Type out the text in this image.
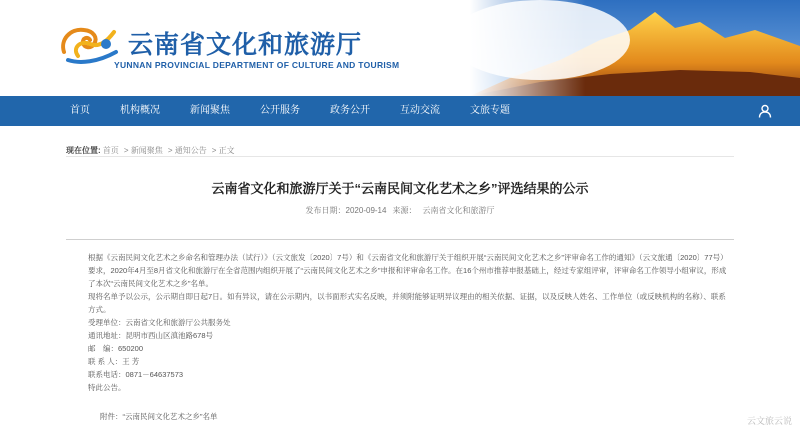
云南省文化和旅游厅
YUNNAN PROVINCIAL DEPARTMENT OF CULTURE AND TOURISM
首页	机构概况	新闻聚焦	公开服务	政务公开	互动交流	文旅专题
现在位置: 首页 > 新闻聚焦 > 通知公告 > 正文
云南省文化和旅游厅关于“云南民间文化艺术之乡”评选结果的公示
发布日期：2020-09-14 来源： 云南省文化和旅游厅

根据《云南民间文化艺术之乡命名和管理办法（试行）》（云文旅发〔2020〕7号）和《云南省文化和旅游厅关于组织开展“云南民间文化艺术之乡”评审命名工作的通知》（云文旅通〔2020〕77号）要求，2020年4月至8月省文化和旅游厅在全省范围内组织开展了“云南民间文化艺术之乡”申报和评审命名工作。在16个州市推荐申报基础上，经过专家组评审，评审命名工作领导小组审议，形成了本次“云南民间文化艺术之乡”名单。

现将名单予以公示，公示期自即日起7日。如有异议，请在公示期内，以书面形式实名反映，并须附能够证明异议理由的相关依据、证据，以及反映人姓名、工作单位（或反映机构的名称）、联系方式。

受理单位：云南省文化和旅游厅公共服务处

通讯地址：昆明市西山区滇池路678号

邮　编：650200

联 系 人：王 芳

联系电话：0871－64637573

特此公告。

附件：“云南民间文化艺术之乡”名单	云文旅云说
